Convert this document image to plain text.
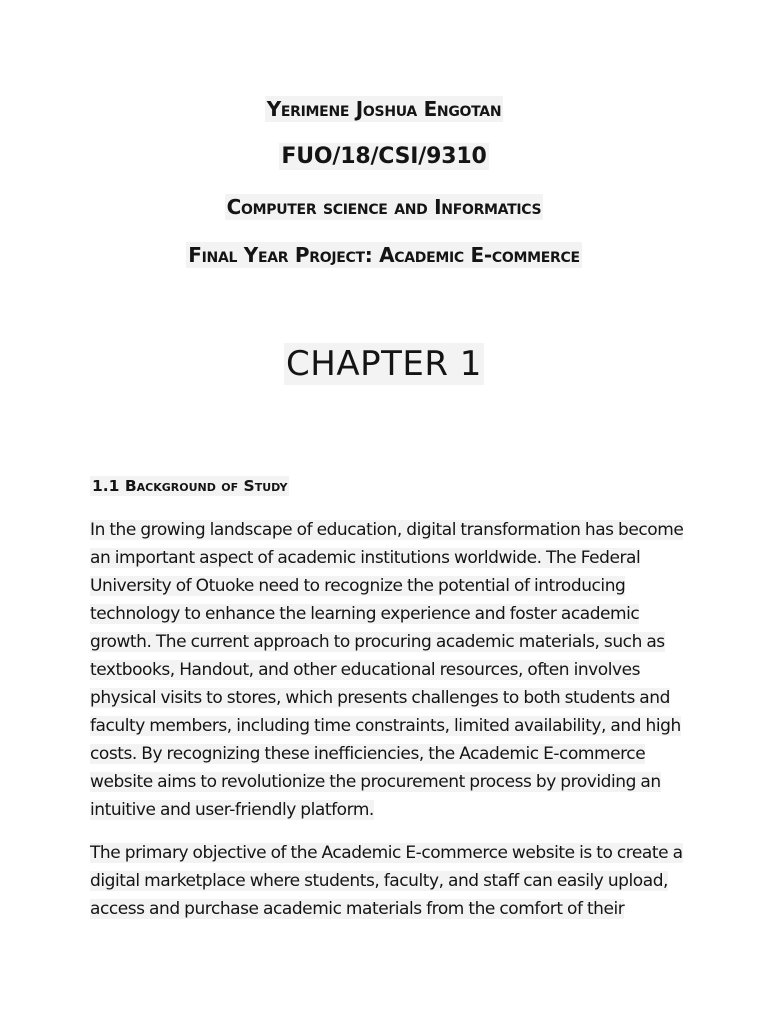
Yerimene Joshua Engotan
FUO/18/CSI/9310
Computer science and Informatics
Final Year Project: Academic E-commerce
CHAPTER 1
1.1 Background of Study

In the growing landscape of education, digital transformation has become
an important aspect of academic institutions worldwide. The Federal
University of Otuoke need to recognize the potential of introducing
technology to enhance the learning experience and foster academic
growth. The current approach to procuring academic materials, such as
textbooks, Handout, and other educational resources, often involves
physical visits to stores, which presents challenges to both students and
faculty members, including time constraints, limited availability, and high
costs. By recognizing these inefficiencies, the Academic E-commerce
website aims to revolutionize the procurement process by providing an
intuitive and user-friendly platform.

The primary objective of the Academic E-commerce website is to create a
digital marketplace where students, faculty, and staff can easily upload,
access and purchase academic materials from the comfort of their
